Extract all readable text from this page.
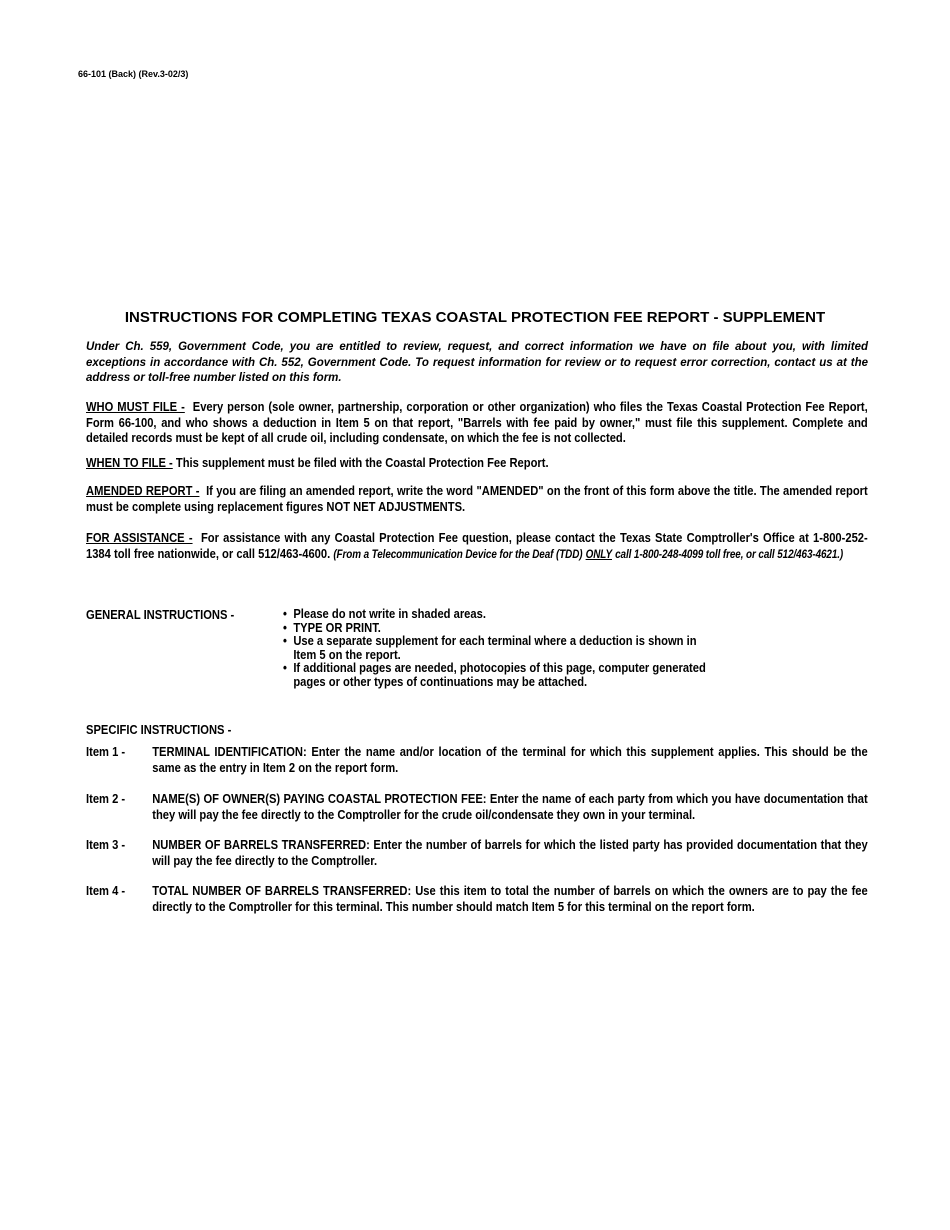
66-101 (Back) (Rev.3-02/3)
INSTRUCTIONS FOR COMPLETING TEXAS COASTAL PROTECTION FEE REPORT - SUPPLEMENT
Under Ch. 559, Government Code, you are entitled to review, request, and correct information we have on file about you, with limited exceptions in accordance with Ch. 552, Government Code. To request information for review or to request error correction, contact us at the address or toll-free number listed on this form.
WHO MUST FILE - Every person (sole owner, partnership, corporation or other organization) who files the Texas Coastal Protection Fee Report, Form 66-100, and who shows a deduction in Item 5 on that report, "Barrels with fee paid by owner," must file this supplement. Complete and detailed records must be kept of all crude oil, including condensate, on which the fee is not collected.
WHEN TO FILE - This supplement must be filed with the Coastal Protection Fee Report.
AMENDED REPORT - If you are filing an amended report, write the word "AMENDED" on the front of this form above the title. The amended report must be complete using replacement figures NOT NET ADJUSTMENTS.
FOR ASSISTANCE - For assistance with any Coastal Protection Fee question, please contact the Texas State Comptroller's Office at 1-800-252-1384 toll free nationwide, or call 512/463-4600. (From a Telecommunication Device for the Deaf (TDD) ONLY call 1-800-248-4099 toll free, or call 512/463-4621.)
GENERAL INSTRUCTIONS -	• Please do not write in shaded areas.
• TYPE OR PRINT.
• Use a separate supplement for each terminal where a deduction is shown in Item 5 on the report.
• If additional pages are needed, photocopies of this page, computer generated pages or other types of continuations may be attached.
SPECIFIC INSTRUCTIONS -
Item 1 - TERMINAL IDENTIFICATION: Enter the name and/or location of the terminal for which this supplement applies. This should be the same as the entry in Item 2 on the report form.
Item 2 - NAME(S) OF OWNER(S) PAYING COASTAL PROTECTION FEE: Enter the name of each party from which you have documentation that they will pay the fee directly to the Comptroller for the crude oil/condensate they own in your terminal.
Item 3 - NUMBER OF BARRELS TRANSFERRED: Enter the number of barrels for which the listed party has provided documentation that they will pay the fee directly to the Comptroller.
Item 4 - TOTAL NUMBER OF BARRELS TRANSFERRED: Use this item to total the number of barrels on which the owners are to pay the fee directly to the Comptroller for this terminal. This number should match Item 5 for this terminal on the report form.
